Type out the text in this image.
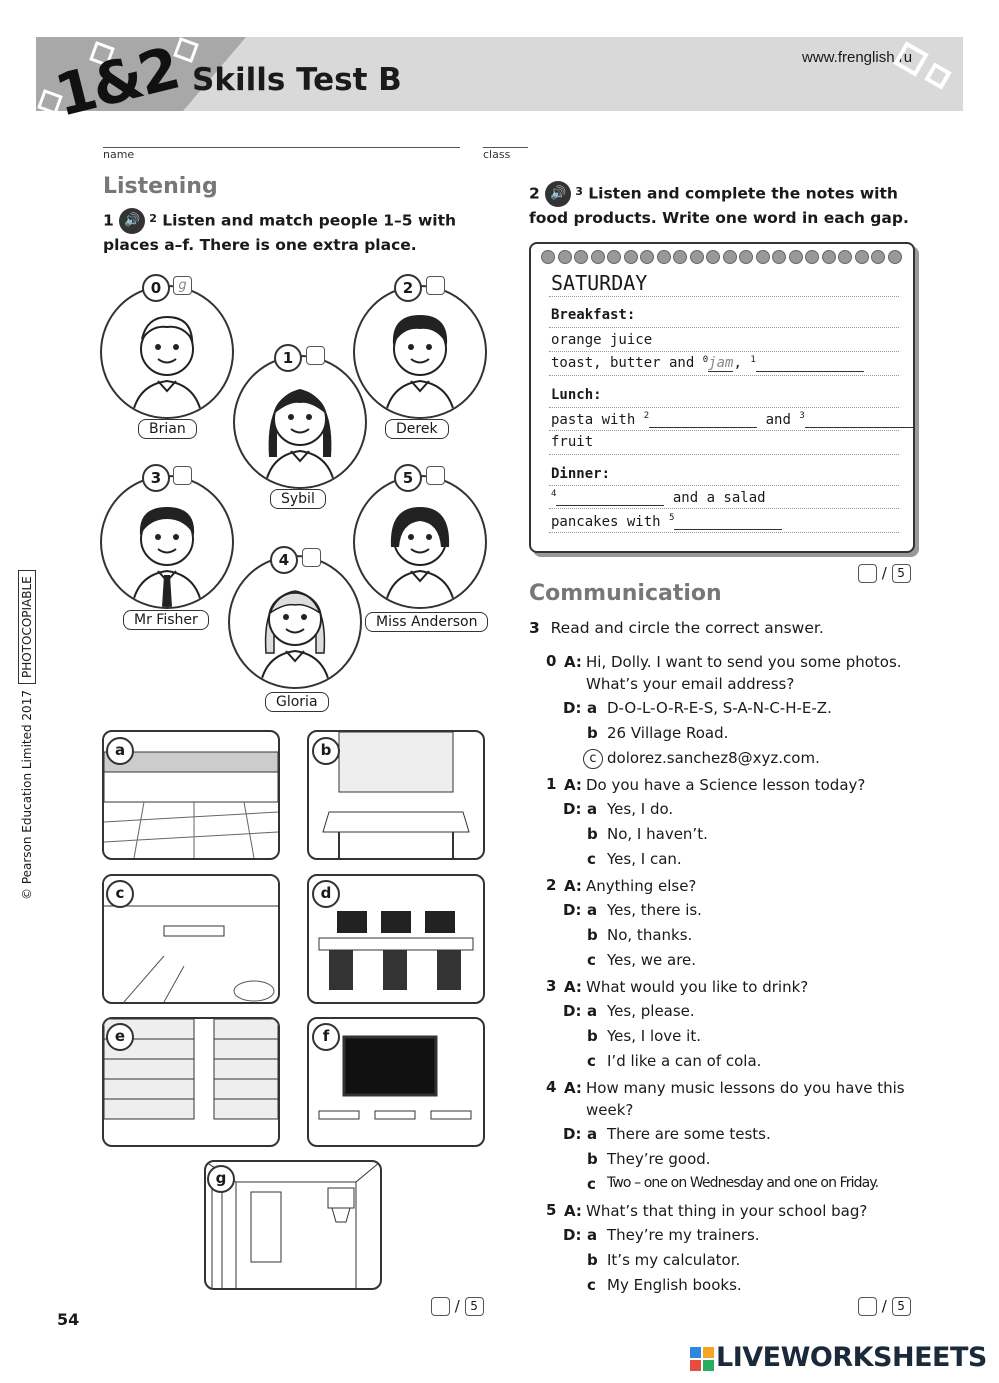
1&2 Skills Test B
www.frenglish.ru
name	class
Listening
1 🔊 $^2$ Listen and match people 1–5 with places a–f. There is one extra place.
0	g
Brian
1
Sybil
2
Derek
3
Mr Fisher
4
Gloria
5
Miss Anderson
a	b
c	d
e	f
g
/ 5
2 🔊 $^3$ Listen and complete the notes with food products. Write one word in each gap.
SATURDAY
Breakfast:
orange juice
toast, butter and $^0$jam, $^1$
Lunch:
pasta with $^2$	and $^3$
fruit
Dinner:
$^4$	and a salad
pancakes with $^5$
/ 5
Communication
3 Read and circle the correct answer.
0 A: Hi, Dolly. I want to send you some photos.
What’s your email address?
D: a D-O-L-O-R-E-S, S-A-N-C-H-E-Z.
b 26 Village Road.
c dolorez.sanchez8@xyz.com.
1 A: Do you have a Science lesson today?
D: a Yes, I do.
b No, I haven’t.
c Yes, I can.
2 A: Anything else?
D: a Yes, there is.
b No, thanks.
c Yes, we are.
3 A: What would you like to drink?
D: a Yes, please.
b Yes, I love it.
c I’d like a can of cola.
4 A: How many music lessons do you have this
week?
D: a There are some tests.
b They’re good.
c Two – one on Wednesday and one on Friday.
5 A: What’s that thing in your school bag?
D: a They’re my trainers.
b It’s my calculator.
c My English books.
/ 5
54
© Pearson Education Limited 2017PHOTOCOPIABLE
LIVEWORKSHEETS
